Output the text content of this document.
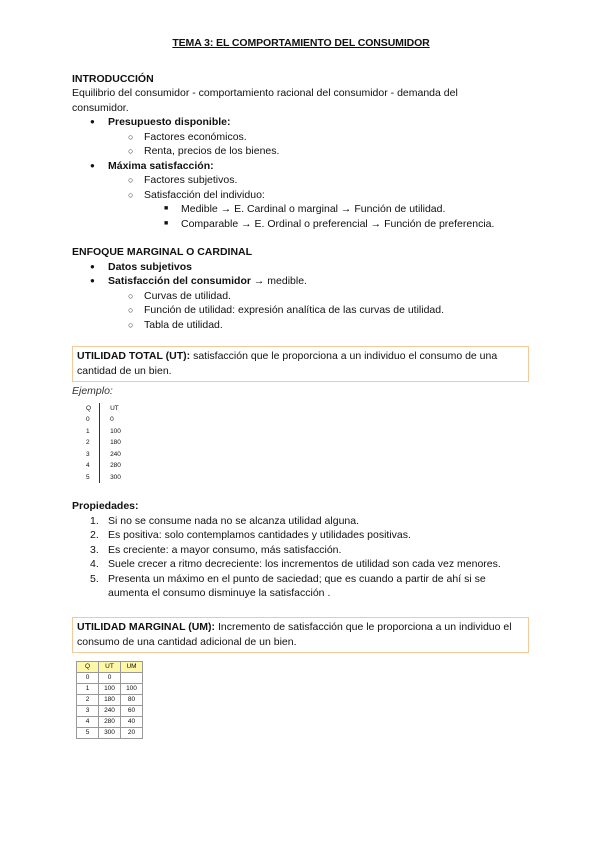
TEMA 3: EL COMPORTAMIENTO DEL CONSUMIDOR

INTRODUCCIÓN

Equilibrio del consumidor - comportamiento racional del consumidor - demanda del consumidor.

● Presupuesto disponible:
○ Factores económicos.
○ Renta, precios de los bienes.
● Máxima satisfacción:
○ Factores subjetivos.
○ Satisfacción del individuo:
■ Medible → E. Cardinal o marginal → Función de utilidad.
■ Comparable → E. Ordinal o preferencial → Función de preferencia.

ENFOQUE MARGINAL O CARDINAL

● Datos subjetivos
● Satisfacción del consumidor → medible.
○ Curvas de utilidad.
○ Función de utilidad: expresión analítica de las curvas de utilidad.
○ Tabla de utilidad.
UTILIDAD TOTAL (UT): satisfacción que le proporciona a un individuo el consumo de una cantidad de un bien.

Ejemplo:

Q	UT
0	0
1	100
2	180
3	240
4	280
5	300

Propiedades:

1. Si no se consume nada no se alcanza utilidad alguna.
2. Es positiva: solo contemplamos cantidades y utilidades positivas.
3. Es creciente: a mayor consumo, más satisfacción.
4. Suele crecer a ritmo decreciente: los incrementos de utilidad son cada vez menores.
5. Presenta un máximo en el punto de saciedad; que es cuando a partir de ahí si se aumenta el consumo disminuye la satisfacción .
UTILIDAD MARGINAL (UM): Incremento de satisfacción que le proporciona a un individuo el consumo de una cantidad adicional de un bien.
Q	UT	UM
0	0	
1	100	100
2	180	80
3	240	60
4	280	40
5	300	20
